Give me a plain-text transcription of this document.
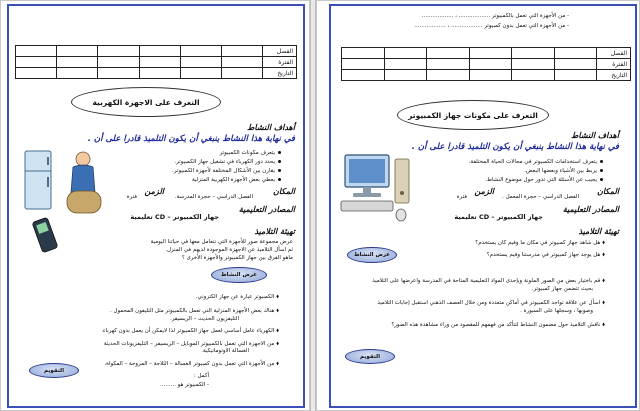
الفصل						
الفترة						
التاريخ						
التعرف على الاجهزة الكهربية
أهداف النشاط
في نهاية هذا النشاط ينبغي أن يكون التلميذ قادرا على أن .
يتعرف مكونات الكمبيوتر
يحدد دور الكهرباء في تشغيل جهاز الكمبيوتر.
يقارن بين الأشكال المختلفة لأجهزة الكمبيوتر.
يعطي بعض الأجهزة الكهربية المنزلية
المكان
الفصل الدراسي – حجرة المدرسة.
الزمن
فترة
المصادر التعليمية
جهاز الكمبيوتر – CD تعليمية
تهيئة التلاميذ
عرض مجموعة صور للأجهزة التي نتعامل معها في حياتنا اليومية
ثم اسأل التلاميذ عن الاجهزة الموجودة لديهم في المنزل.
ماهو الفرق بين جهاز الكمبيوتر والأجهزة الأخرى ؟
عرض النشاط
⬧الكمبيوتر عبارة عن جهاز الكتروني.
⬧هناك بعض الأجهزة المنزلية التي تعمل بالكمبيوتر مثل التليفون المحمول .
التليفزيون الحديث – الريسيفر.
⬧الكهرباء عامل أساسي لعمل جهاز الكمبيوتر لذا لايمكن أن يعمل بدون كهرباء.
⬧من الاجهزة التي تعمل بالكمبيوتر الموبايل – الريسيفر – التليفزيونات الحديثة
الغسالة الاوتوماتيكية.
⬧من الأجهزة التي تعمل بدون كمبيوتر الغسالة – الثلاجة – المروحة – المكواة.
التقويم
أكمل :
- الكمبيوتر هو .........
- من الأجهزة التي تعمل بالكمبيوتر .................. ، ..................
- من الأجهزة التي تعمل بدون كمبيوتر .................. ، ..................
الفصل						
الفترة						
التاريخ						
التعرف على مكونات جهاز الكمبيوتر
أهداف النشاط
في نهاية هذا النشاط ينبغي أن يكون التلميذ قادرا على أن .
يتعرف استخدامات الكمبيوتر في مجالات الحياة المختلفة.
يربط بين الأشياء وبعضها البعض.
يجيب عن الأسئلة التي تدور حول موضوع النشاط.
المكان
الفصل الدراسي – حجرة المعمل .
الزمن
فترة
المصادر التعليمية
جهاز الكمبيوتر – CD تعليمية
تهيئة التلاميذ
⬧هل شاهد جهاز كمبيوتر في مكان ما وفيم كان يستخدم؟
⬧هل يوجد جهاز كمبيوتر في مدرستنا وفيم يستخدم؟
عرض النشاط
⬧قم باختيار بعض من الصور الملونة وبإحدى المواد التعليمية المتاحة في المدرسة واعرضها على التلاميذ
بحيث تتضمن جهاز كمبيوتر.
⬧اسأل عن علاقة تواجد الكمبيوتر في أماكن متعددة ومن خلال العصف الذهني استقبل إجابات التلاميذ
وصوبها ، وسجلها على السبورة .
⬧ناقش التلاميذ حول مضمون النشاط لتتأكد من فهمهم للمقصود من وراء مشاهدة هذه الصور؟
التقويم
